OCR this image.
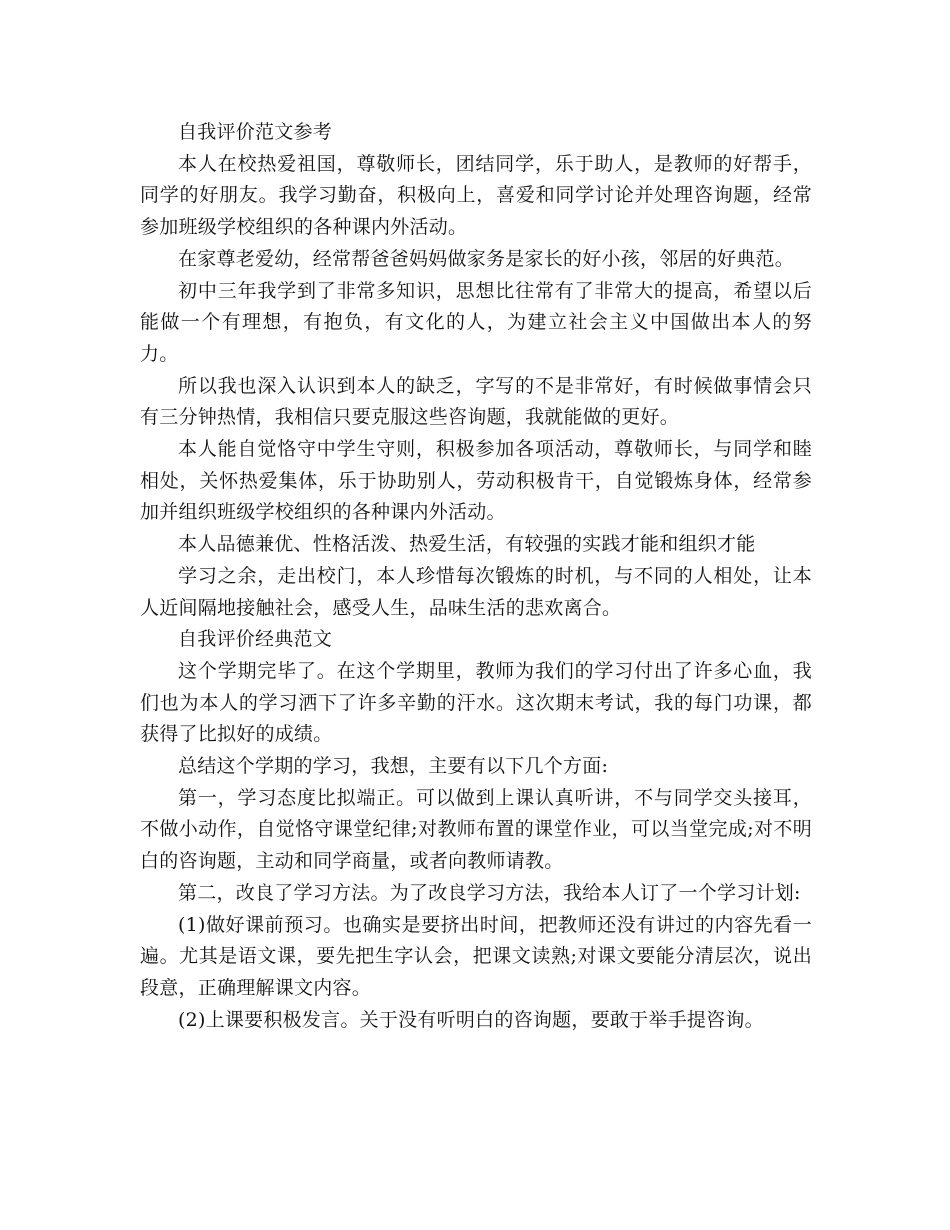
自我评价范文参考

本人在校热爱祖国，尊敬师长，团结同学，乐于助人，是教师的好帮手，同学的好朋友。我学习勤奋，积极向上，喜爱和同学讨论并处理咨询题，经常参加班级学校组织的各种课内外活动。

在家尊老爱幼，经常帮爸爸妈妈做家务是家长的好小孩，邻居的好典范。

初中三年我学到了非常多知识，思想比往常有了非常大的提高，希望以后能做一个有理想，有抱负，有文化的人，为建立社会主义中国做出本人的努力。

所以我也深入认识到本人的缺乏，字写的不是非常好，有时候做事情会只有三分钟热情，我相信只要克服这些咨询题，我就能做的更好。

本人能自觉恪守中学生守则，积极参加各项活动，尊敬师长，与同学和睦相处，关怀热爱集体，乐于协助别人，劳动积极肯干，自觉锻炼身体，经常参加并组织班级学校组织的各种课内外活动。

本人品德兼优、性格活泼、热爱生活，有较强的实践才能和组织才能

学习之余，走出校门，本人珍惜每次锻炼的时机，与不同的人相处，让本人近间隔地接触社会，感受人生，品味生活的悲欢离合。

自我评价经典范文

这个学期完毕了。在这个学期里，教师为我们的学习付出了许多心血，我们也为本人的学习洒下了许多辛勤的汗水。这次期末考试，我的每门功课，都获得了比拟好的成绩。

总结这个学期的学习，我想，主要有以下几个方面:

第一，学习态度比拟端正。可以做到上课认真听讲，不与同学交头接耳，不做小动作，自觉恪守课堂纪律;对教师布置的课堂作业，可以当堂完成;对不明白的咨询题，主动和同学商量，或者向教师请教。

第二，改良了学习方法。为了改良学习方法，我给本人订了一个学习计划:

(1)做好课前预习。也确实是要挤出时间，把教师还没有讲过的内容先看一遍。尤其是语文课，要先把生字认会，把课文读熟;对课文要能分清层次，说出段意，正确理解课文内容。

(2)上课要积极发言。关于没有听明白的咨询题，要敢于举手提咨询。
